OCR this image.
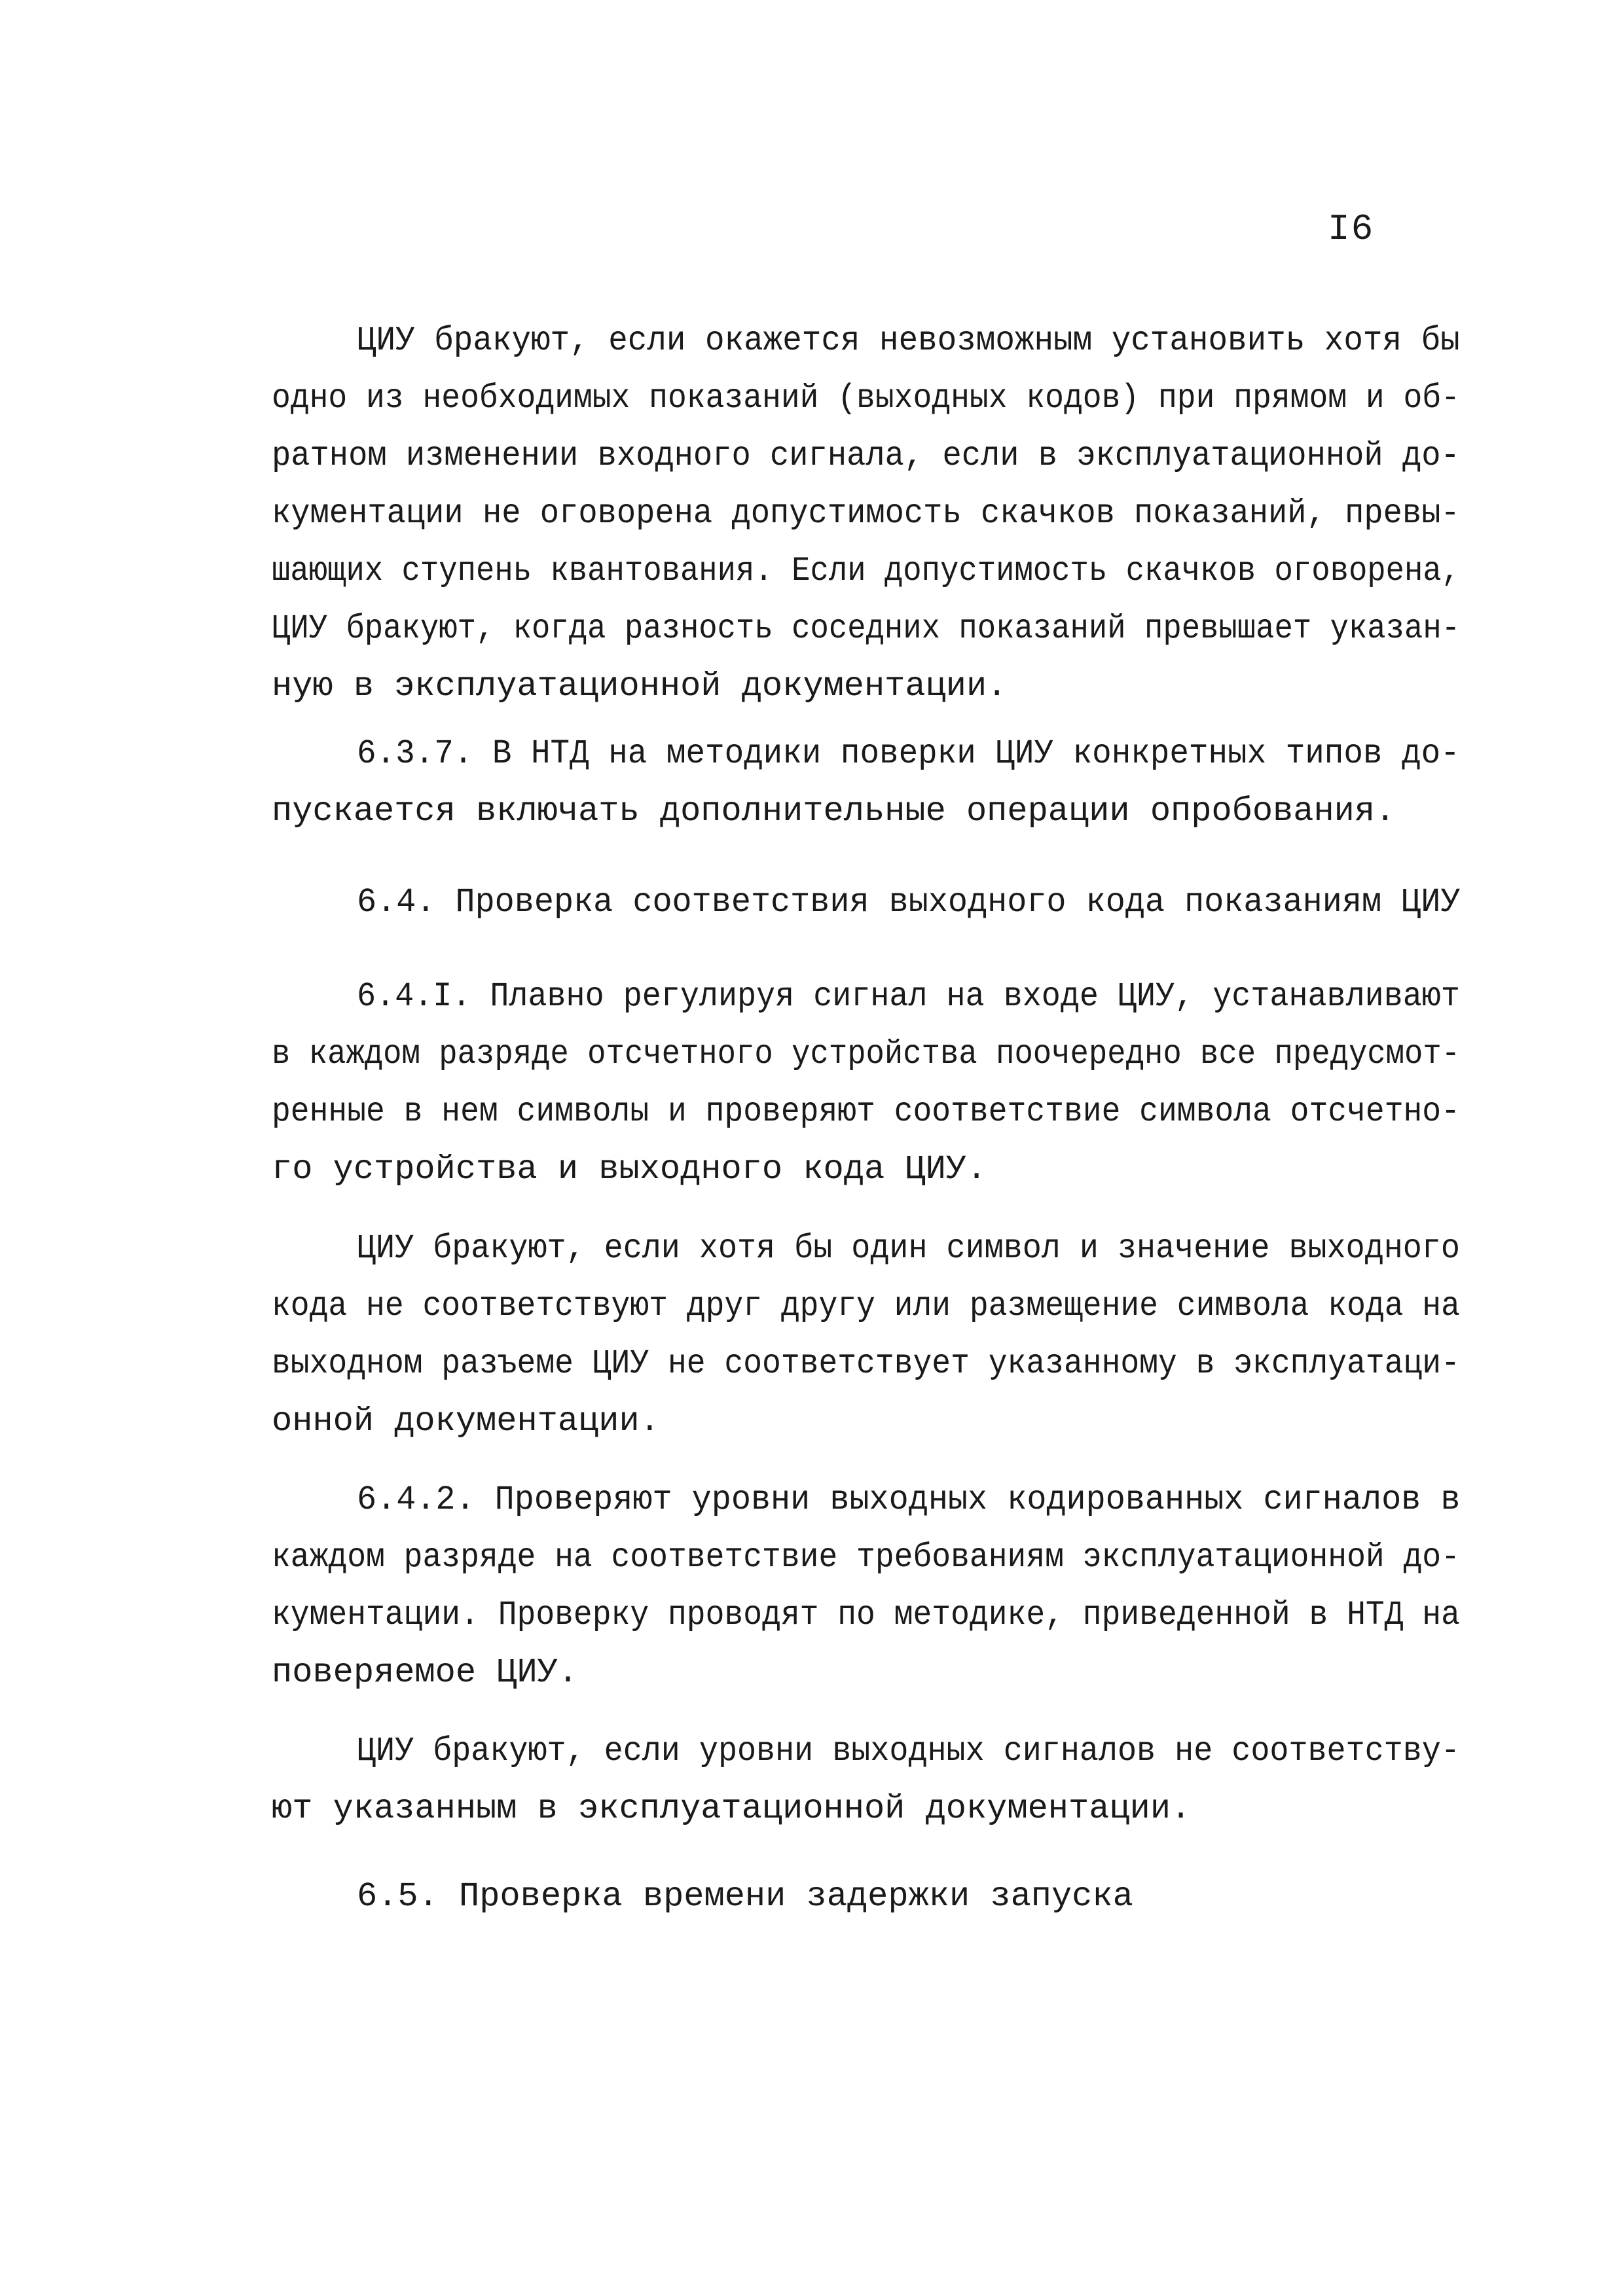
I6
ЦИУ бракуют, если окажется невозможным установить хотя бы
одно из необходимых показаний (выходных кодов) при прямом и об-
ратном изменении входного сигнала, если в эксплуатационной до-
кументации не оговорена допустимость скачков показаний, превы-
шающих ступень квантования. Если допустимость скачков оговорена,
ЦИУ бракуют, когда разность соседних показаний превышает указан-
ную в эксплуатационной документации.
6.3.7. В НТД на методики поверки ЦИУ конкретных типов до-
пускается включать дополнительные операции опробования.
6.4. Проверка соответствия выходного кода показаниям ЦИУ
6.4.I. Плавно регулируя сигнал на входе ЦИУ, устанавливают
в каждом разряде отсчетного устройства поочередно все предусмот-
ренные в нем символы и проверяют соответствие символа отсчетно-
го устройства и выходного кода ЦИУ.
ЦИУ бракуют, если хотя бы один символ и значение выходного
кода не соответствуют друг другу или размещение символа кода на
выходном разъеме ЦИУ не соответствует указанному в эксплуатаци-
онной документации.
6.4.2. Проверяют уровни выходных кодированных сигналов в
каждом разряде на соответствие требованиям эксплуатационной до-
кументации. Проверку проводят по методике, приведенной в НТД на
поверяемое ЦИУ.
ЦИУ бракуют, если уровни выходных сигналов не соответству-
ют указанным в эксплуатационной документации.
6.5. Проверка времени задержки запуска
